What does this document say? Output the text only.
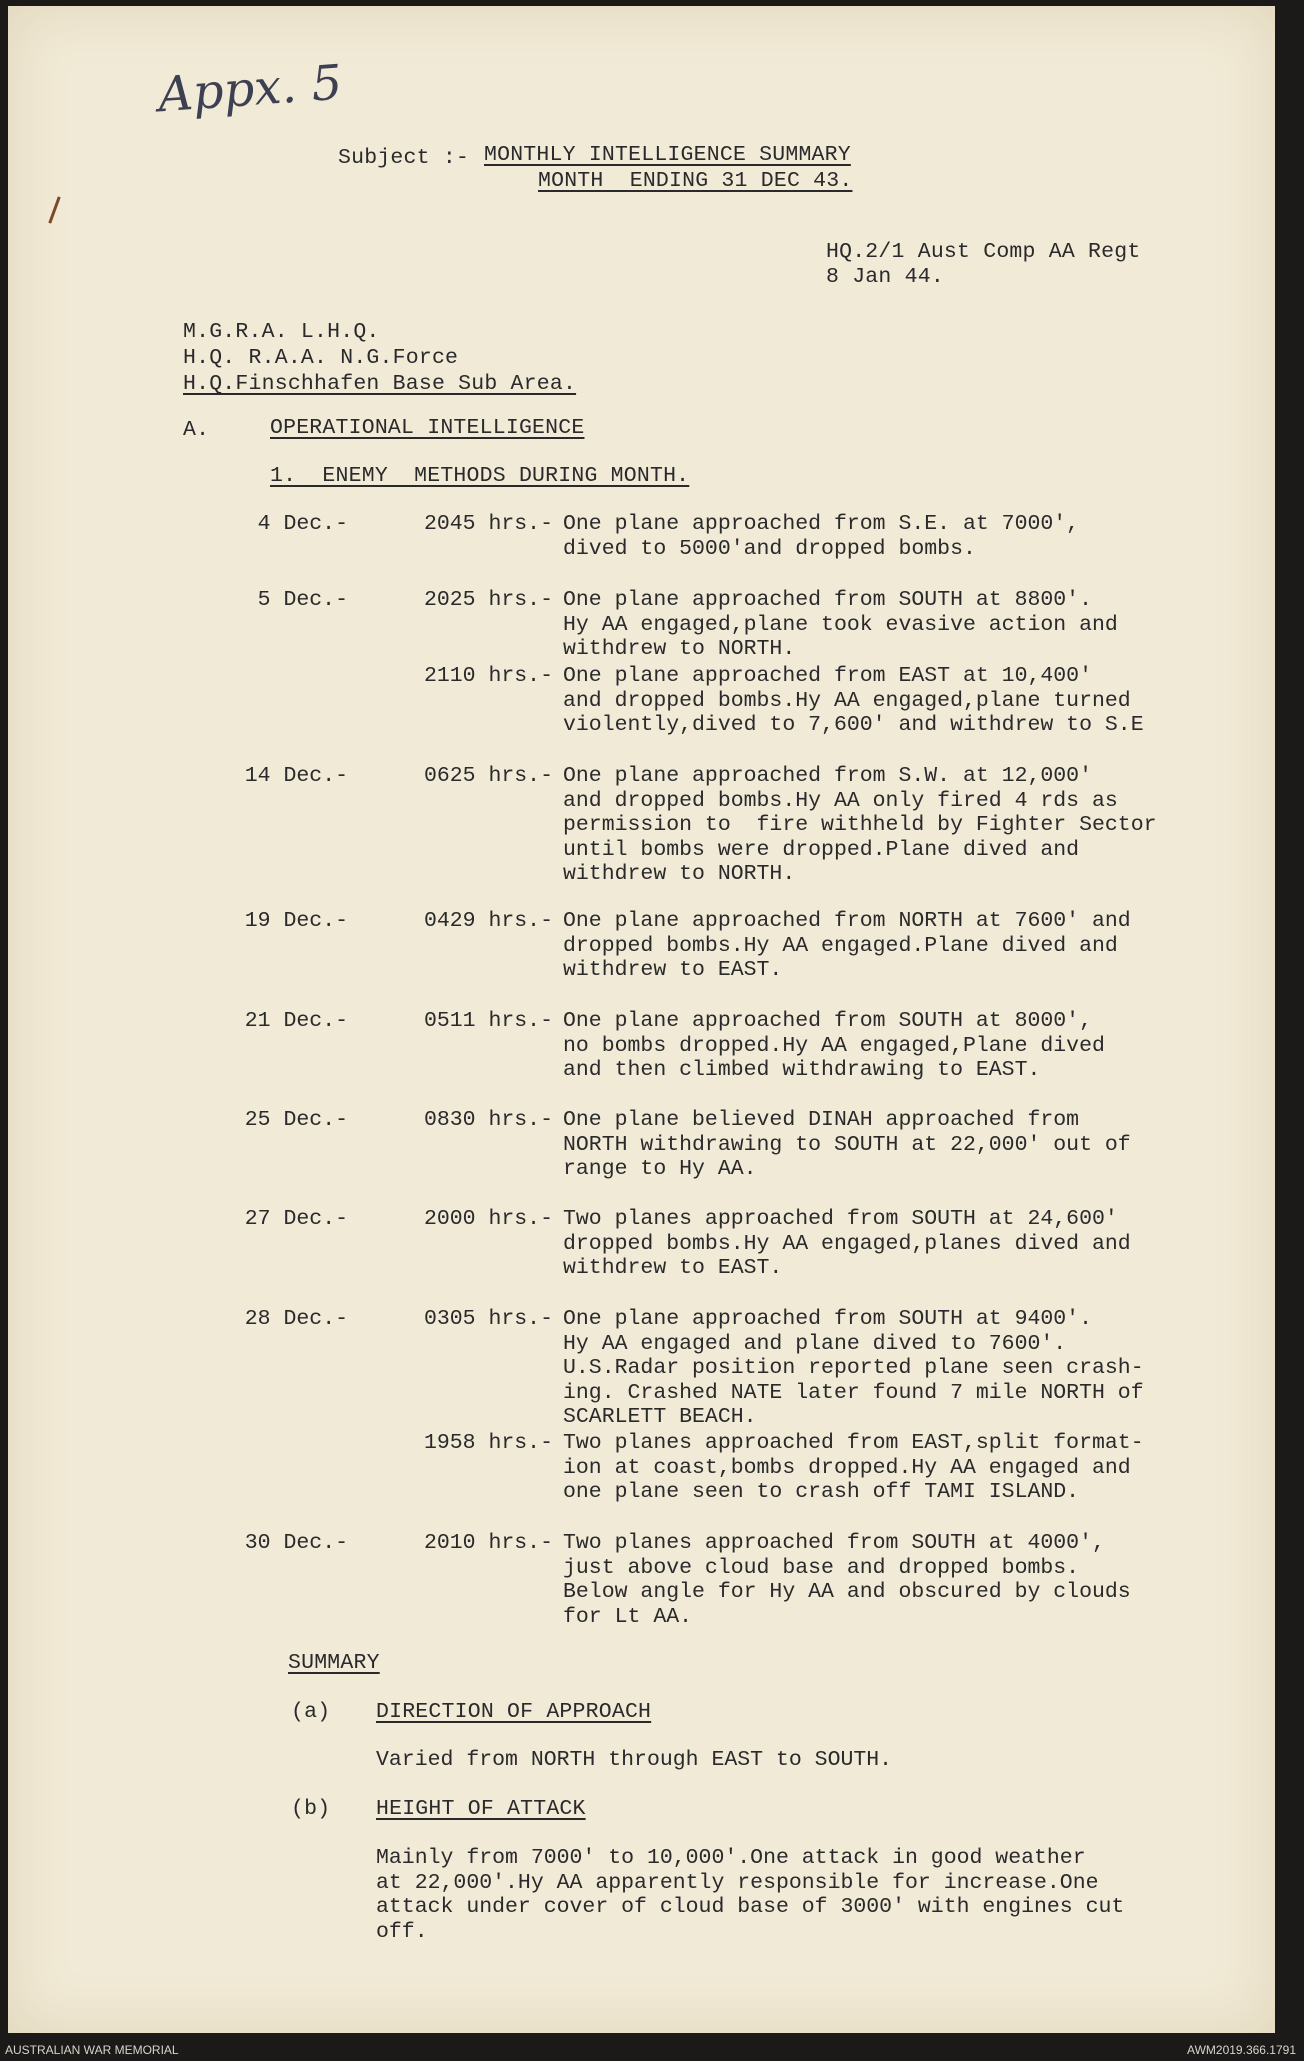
Appx. 5
Subject :- MONTHLY INTELLIGENCE SUMMARY
MONTH  ENDING 31 DEC 43.
HQ.2/1 Aust Comp AA Regt
8 Jan 44.
M.G.R.A. L.H.Q.
H.Q. R.A.A. N.G.Force
H.Q.Finschhafen Base Sub Area.
A.	OPERATIONAL INTELLIGENCE
1.  ENEMY  METHODS DURING MONTH.
4 Dec.-	2045 hrs.- One plane approached from S.E. at 7000',
dived to 5000'and dropped bombs.
5 Dec.-	2025 hrs.- One plane approached from SOUTH at 8800'.
Hy AA engaged,plane took evasive action and
withdrew to NORTH.
2110 hrs.- One plane approached from EAST at 10,400'
and dropped bombs.Hy AA engaged,plane turned
violently,dived to 7,600' and withdrew to S.E
14 Dec.-	0625 hrs.- One plane approached from S.W. at 12,000'
and dropped bombs.Hy AA only fired 4 rds as
permission to  fire withheld by Fighter Sector
until bombs were dropped.Plane dived and
withdrew to NORTH.
19 Dec.-	0429 hrs.- One plane approached from NORTH at 7600' and
dropped bombs.Hy AA engaged.Plane dived and
withdrew to EAST.
21 Dec.-	0511 hrs.- One plane approached from SOUTH at 8000',
no bombs dropped.Hy AA engaged,Plane dived
and then climbed withdrawing to EAST.
25 Dec.-	0830 hrs.- One plane believed DINAH approached from
NORTH withdrawing to SOUTH at 22,000' out of
range to Hy AA.
27 Dec.-	2000 hrs.- Two planes approached from SOUTH at 24,600'
dropped bombs.Hy AA engaged,planes dived and
withdrew to EAST.
28 Dec.-	0305 hrs.- One plane approached from SOUTH at 9400'.
Hy AA engaged and plane dived to 7600'.
U.S.Radar position reported plane seen crash-
ing. Crashed NATE later found 7 mile NORTH of
SCARLETT BEACH.
1958 hrs.- Two planes approached from EAST,split format-
ion at coast,bombs dropped.Hy AA engaged and
one plane seen to crash off TAMI ISLAND.
30 Dec.-	2010 hrs.- Two planes approached from SOUTH at 4000',
just above cloud base and dropped bombs.
Below angle for Hy AA and obscured by clouds
for Lt AA.
SUMMARY
(a) DIRECTION OF APPROACH
Varied from NORTH through EAST to SOUTH.
(b) HEIGHT OF ATTACK
Mainly from 7000' to 10,000'.One attack in good weather
at 22,000'.Hy AA apparently responsible for increase.One
attack under cover of cloud base of 3000' with engines cut
off.
AUSTRALIAN WAR MEMORIAL	AWM2019.366.1791
